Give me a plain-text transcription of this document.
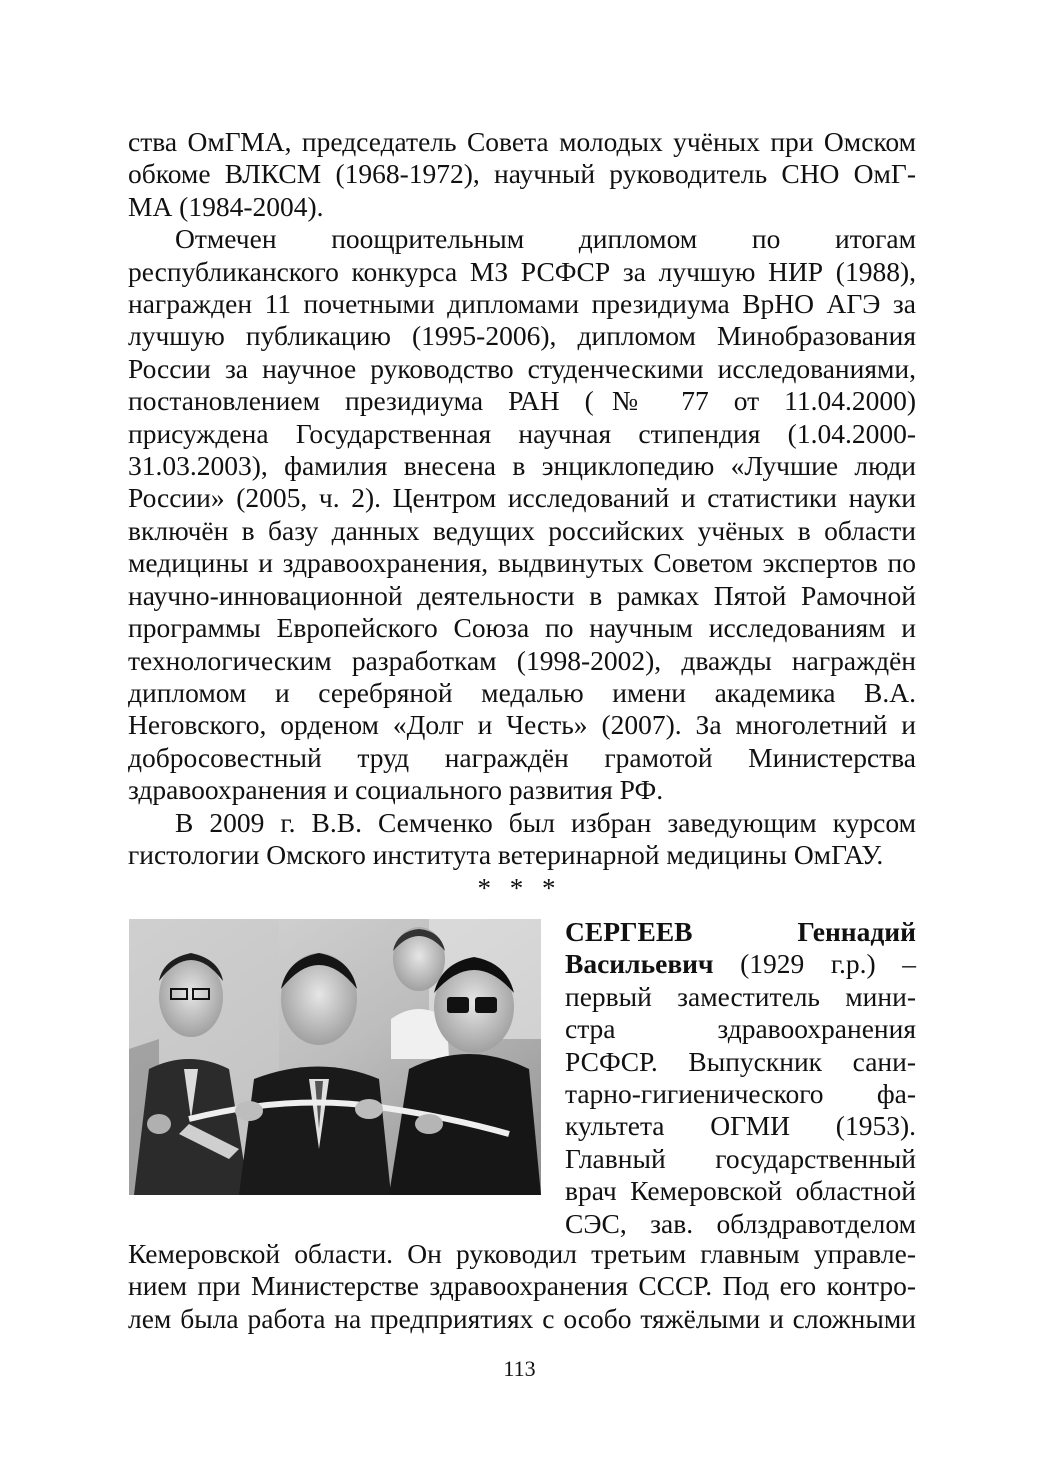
ства ОмГМА, председатель Совета молодых учёных при Омском обкоме ВЛКСМ (1968-1972), научный руководитель СНО ОмГ-МА (1984-2004).

Отмечен поощрительным дипломом по итогам республиканского конкурса МЗ РСФСР за лучшую НИР (1988), награжден 11 почетными дипломами президиума ВрНО АГЭ за лучшую публикацию (1995-2006), дипломом Минобразования России за научное руководство студенческими исследованиями, постановлением президиума РАН (№ 77 от 11.04.2000) присуждена Государственная научная стипендия (1.04.2000-31.03.2003), фамилия внесена в энциклопедию «Лучшие люди России» (2005, ч. 2). Центром исследований и статистики науки включён в базу данных ведущих российских учёных в области медицины и здравоохранения, выдвинутых Советом экспертов по научно-инновационной деятельности в рамках Пятой Рамочной программы Европейского Союза по научным исследованиям и технологическим разработкам (1998-2002), дважды награждён дипломом и серебряной медалью имени академика В.А. Неговского, орденом «Долг и Честь» (2007). За многолетний и добросовестный труд награждён грамотой Министерства здравоохранения и социального развития РФ.

В 2009 г. В.В. Семченко был избран заведующим курсом гистологии Омского института ветеринарной медицины ОмГАУ.

* * *
СЕРГЕЕВ Геннадий
Васильевич (1929 г.р.) –
первый заместитель мини-
стра здравоохранения
РСФСР. Выпускник сани-
тарно-гигиенического фа-
культета ОГМИ (1953).
Главный государственный
врач Кемеровской областной
СЭС, зав. облздравотделом
Кемеровской области. Он руководил третьим главным управле-
нием при Министерстве здравоохранения СССР. Под его контро-
лем была работа на предприятиях с особо тяжёлыми и сложными
113
